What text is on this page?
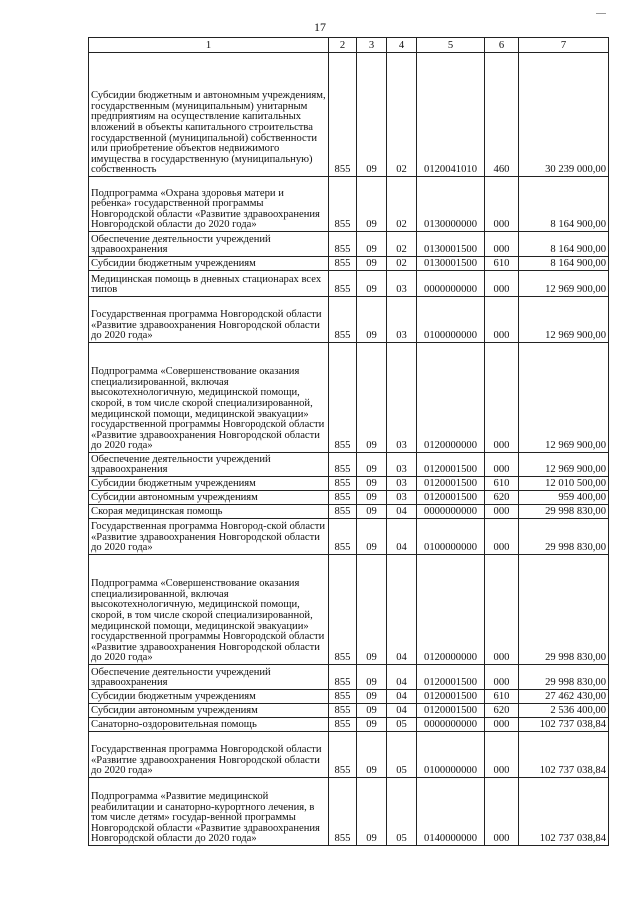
17
1	2	3	4	5	6	7
Субсидии бюджетным и автономным учреждениям, государственным (муниципальным) унитарным предприятиям на осуществление капитальных вложений в объекты капитального строительства государственной (муниципальной) собственности или приобретение объектов недвижимого имущества в государственную (муниципальную) собственность	855	09	02	0120041010	460	30 239 000,00
Подпрограмма «Охрана здоровья матери и ребенка» государственной программы Новгородской области «Развитие здравоохранения Новгородской области до 2020 года»	855	09	02	0130000000	000	8 164 900,00
Обеспечение деятельности учреждений здравоохранения	855	09	02	0130001500	000	8 164 900,00
Субсидии бюджетным учреждениям	855	09	02	0130001500	610	8 164 900,00
Медицинская помощь в дневных стационарах всех типов	855	09	03	0000000000	000	12 969 900,00
Государственная программа Новгородской области «Развитие здравоохранения Новгородской области до 2020 года»	855	09	03	0100000000	000	12 969 900,00
Подпрограмма «Совершенствование оказания специализированной, включая высокотехнологичную, медицинской помощи, скорой, в том числе скорой специализированной, медицинской помощи, медицинской эвакуации» государственной программы Новгородской области «Развитие здравоохранения Новгородской области до 2020 года»	855	09	03	0120000000	000	12 969 900,00
Обеспечение деятельности учреждений здравоохранения	855	09	03	0120001500	000	12 969 900,00
Субсидии бюджетным учреждениям	855	09	03	0120001500	610	12 010 500,00
Субсидии автономным учреждениям	855	09	03	0120001500	620	959 400,00
Скорая медицинская помощь	855	09	04	0000000000	000	29 998 830,00
Государственная программа Новгород-ской области «Развитие здравоохранения Новгородской области до 2020 года»	855	09	04	0100000000	000	29 998 830,00
Подпрограмма «Совершенствование оказания специализированной, включая высокотехнологичную, медицинской помощи, скорой, в том числе скорой специализированной, медицинской помощи, медицинской эвакуации» государственной программы Новгородской области «Развитие здравоохранения Новгородской области до 2020 года»	855	09	04	0120000000	000	29 998 830,00
Обеспечение деятельности учреждений здравоохранения	855	09	04	0120001500	000	29 998 830,00
Субсидии бюджетным учреждениям	855	09	04	0120001500	610	27 462 430,00
Субсидии автономным учреждениям	855	09	04	0120001500	620	2 536 400,00
Санаторно-оздоровительная помощь	855	09	05	0000000000	000	102 737 038,84
Государственная программа Новгородской области «Развитие здравоохранения Новгородской области до 2020 года»	855	09	05	0100000000	000	102 737 038,84
Подпрограмма «Развитие медицинской реабилитации и санаторно-курортного лечения, в том числе детям» государ-венной программы Новгородской области «Развитие здравоохранения Новгородской области до 2020 года»	855	09	05	0140000000	000	102 737 038,84
